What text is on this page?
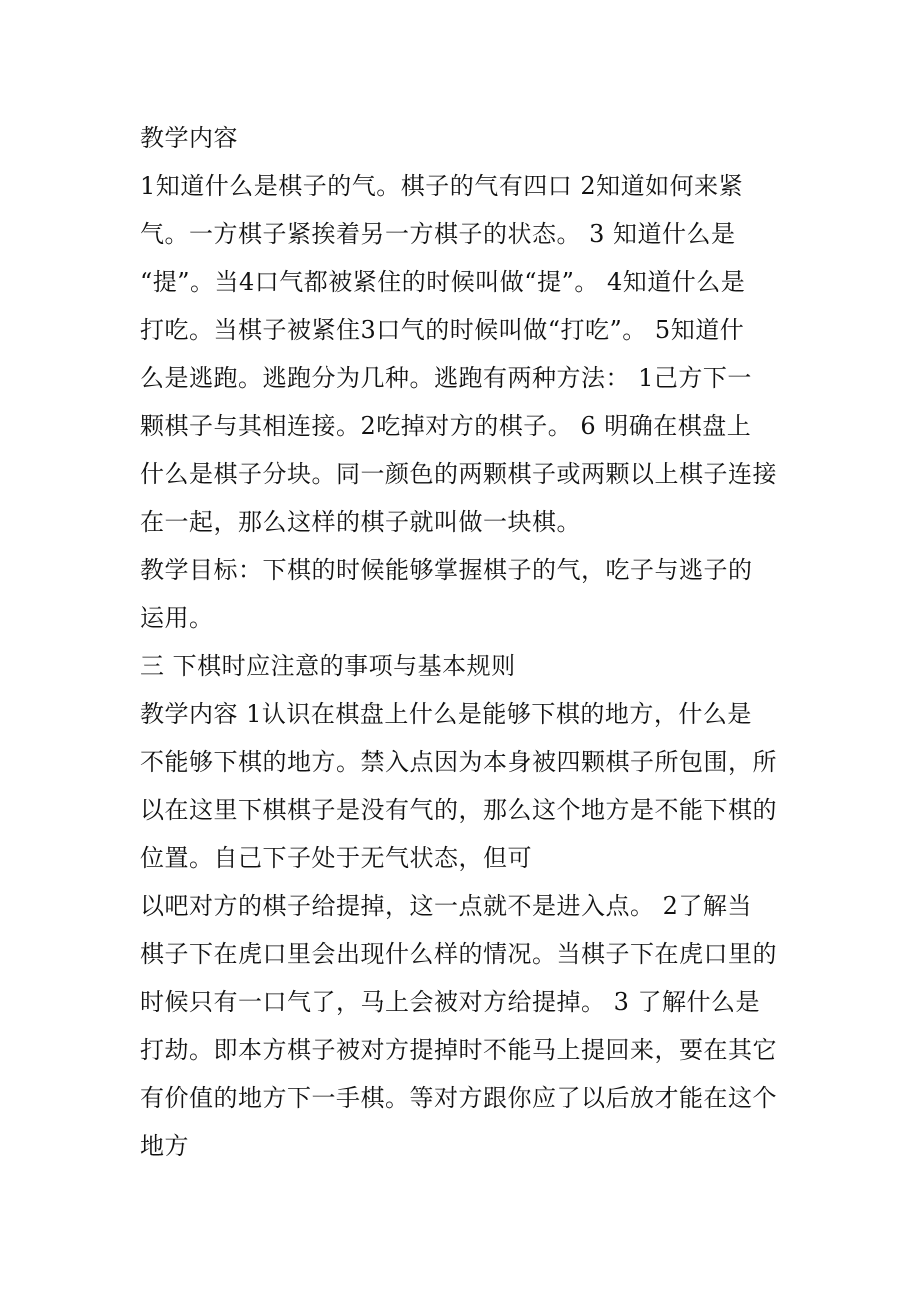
教学内容
1知道什么是棋子的气。棋子的气有四口 2知道如何来紧
气。一方棋子紧挨着另一方棋子的状态。 3 知道什么是
“提”。当4口气都被紧住的时候叫做“提”。 4知道什么是
打吃。当棋子被紧住3口气的时候叫做“打吃”。 5知道什
么是逃跑。逃跑分为几种。逃跑有两种方法： 1己方下一
颗棋子与其相连接。2吃掉对方的棋子。 6 明确在棋盘上
什么是棋子分块。同一颜色的两颗棋子或两颗以上棋子连接
在一起，那么这样的棋子就叫做一块棋。
教学目标：下棋的时候能够掌握棋子的气，吃子与逃子的
运用。
三 下棋时应注意的事项与基本规则
教学内容 1认识在棋盘上什么是能够下棋的地方，什么是
不能够下棋的地方。禁入点因为本身被四颗棋子所包围，所
以在这里下棋棋子是没有气的，那么这个地方是不能下棋的
位置。自己下子处于无气状态，但可
以吧对方的棋子给提掉，这一点就不是进入点。 2了解当
棋子下在虎口里会出现什么样的情况。当棋子下在虎口里的
时候只有一口气了，马上会被对方给提掉。 3 了解什么是
打劫。即本方棋子被对方提掉时不能马上提回来，要在其它
有价值的地方下一手棋。等对方跟你应了以后放才能在这个
地方
